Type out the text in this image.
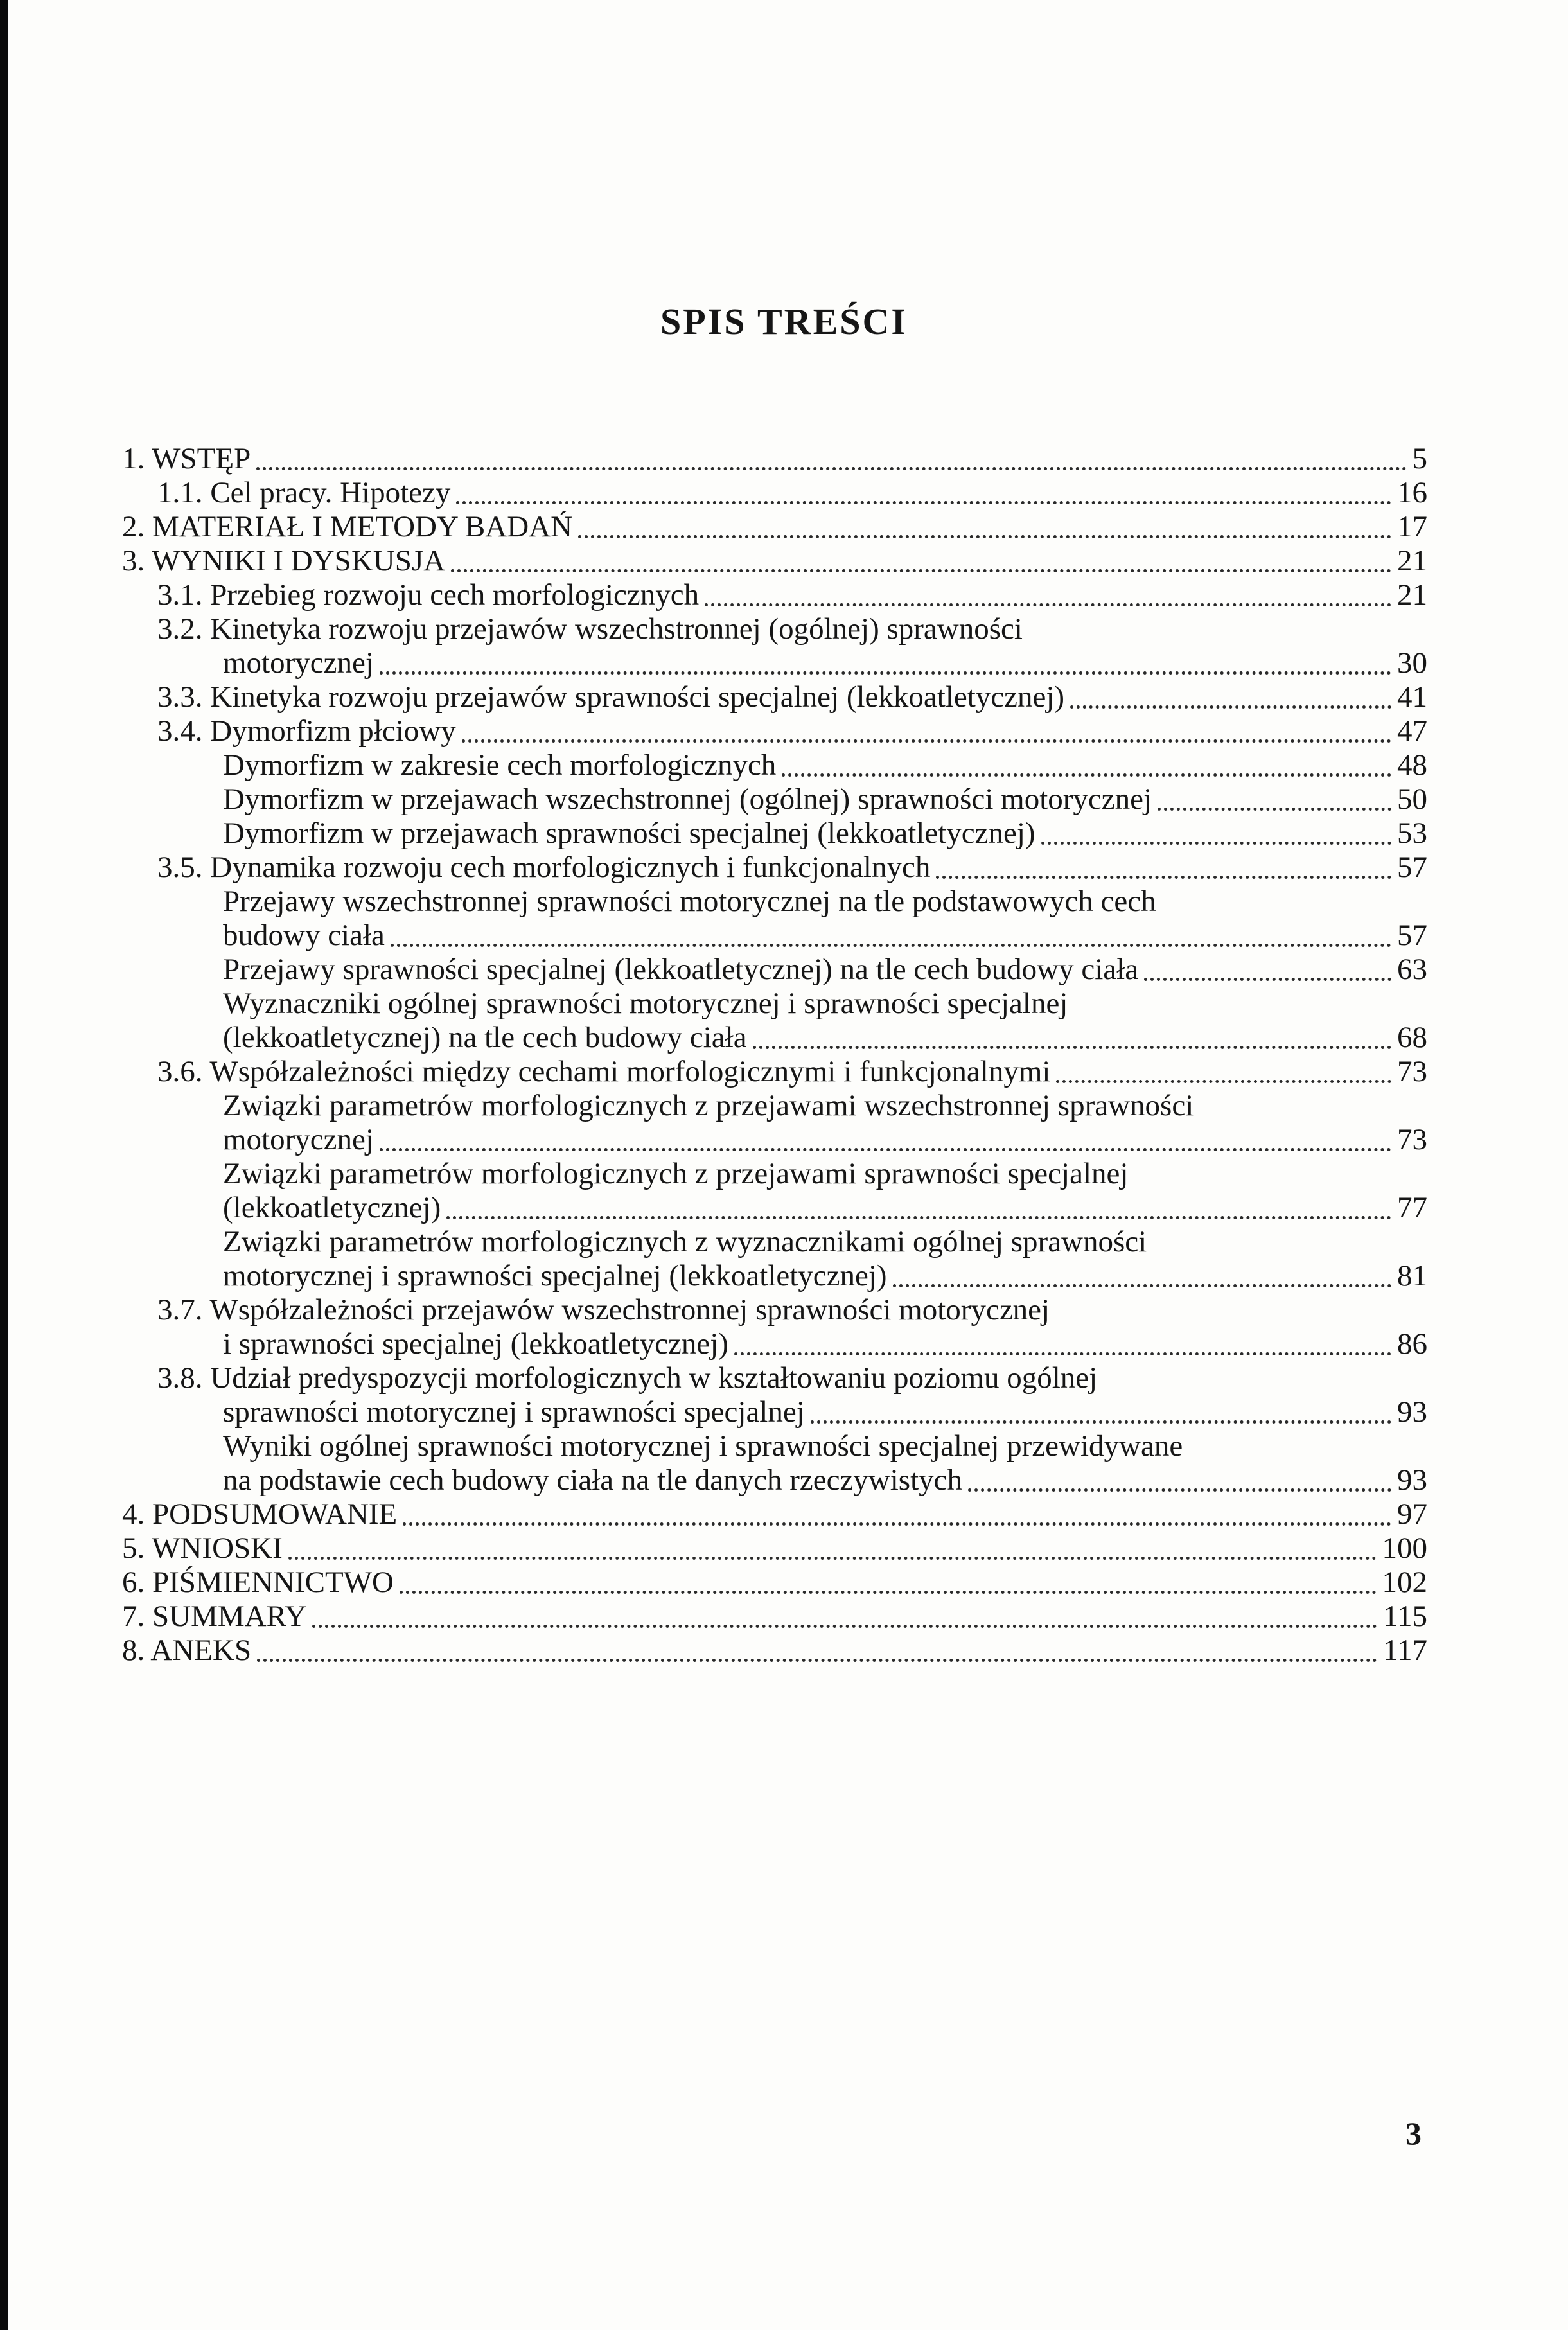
SPIS TREŚCI
1. WSTĘP	5
1.1. Cel pracy. Hipotezy	16
2. MATERIAŁ I METODY BADAŃ	17
3. WYNIKI I DYSKUSJA	21
3.1. Przebieg rozwoju cech morfologicznych	21
3.2. Kinetyka rozwoju przejawów wszechstronnej (ogólnej) sprawności
motorycznej	30
3.3. Kinetyka rozwoju przejawów sprawności specjalnej (lekkoatletycznej)	41
3.4. Dymorfizm płciowy	47
Dymorfizm w zakresie cech morfologicznych	48
Dymorfizm w przejawach wszechstronnej (ogólnej) sprawności motorycznej	50
Dymorfizm w przejawach sprawności specjalnej (lekkoatletycznej)	53
3.5. Dynamika rozwoju cech morfologicznych i funkcjonalnych	57
Przejawy wszechstronnej sprawności motorycznej na tle podstawowych cech
budowy ciała	57
Przejawy sprawności specjalnej (lekkoatletycznej) na tle cech budowy ciała	63
Wyznaczniki ogólnej sprawności motorycznej i sprawności specjalnej
(lekkoatletycznej) na tle cech budowy ciała	68
3.6. Współzależności między cechami morfologicznymi i funkcjonalnymi	73
Związki parametrów morfologicznych z przejawami wszechstronnej sprawności
motorycznej	73
Związki parametrów morfologicznych z przejawami sprawności specjalnej
(lekkoatletycznej)	77
Związki parametrów morfologicznych z wyznacznikami ogólnej sprawności
motorycznej i sprawności specjalnej (lekkoatletycznej)	81
3.7. Współzależności przejawów wszechstronnej sprawności motorycznej
i sprawności specjalnej (lekkoatletycznej)	86
3.8. Udział predyspozycji morfologicznych w kształtowaniu poziomu ogólnej
sprawności motorycznej i sprawności specjalnej	93
Wyniki ogólnej sprawności motorycznej i sprawności specjalnej przewidywane
na podstawie cech budowy ciała na tle danych rzeczywistych	93
4. PODSUMOWANIE	97
5. WNIOSKI	100
6. PIŚMIENNICTWO	102
7. SUMMARY	115
8. ANEKS	117
3
